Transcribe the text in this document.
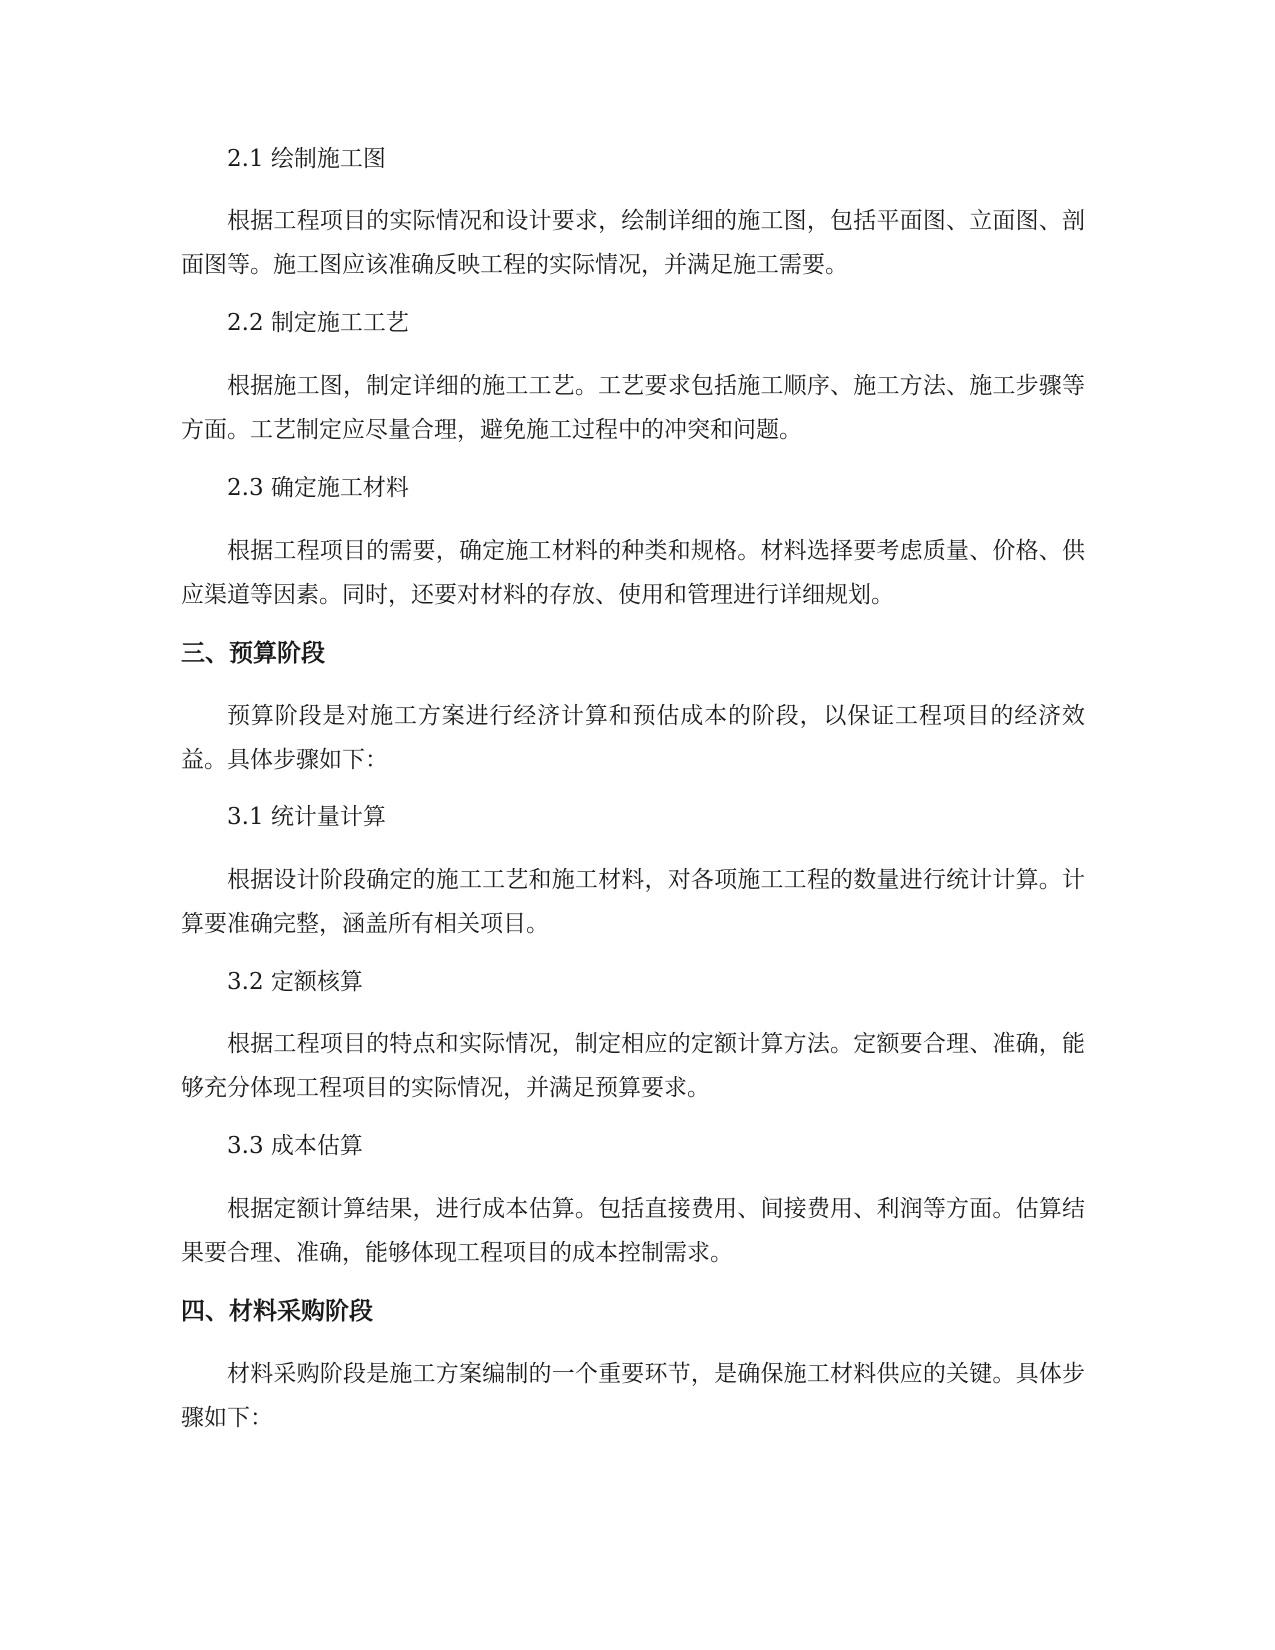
2.1 绘制施工图
根据工程项目的实际情况和设计要求，绘制详细的施工图，包括平面图、立面图、剖面图等。施工图应该准确反映工程的实际情况，并满足施工需要。
2.2 制定施工工艺
根据施工图，制定详细的施工工艺。工艺要求包括施工顺序、施工方法、施工步骤等方面。工艺制定应尽量合理，避免施工过程中的冲突和问题。
2.3 确定施工材料
根据工程项目的需要，确定施工材料的种类和规格。材料选择要考虑质量、价格、供应渠道等因素。同时，还要对材料的存放、使用和管理进行详细规划。
三、预算阶段
预算阶段是对施工方案进行经济计算和预估成本的阶段，以保证工程项目的经济效益。具体步骤如下：
3.1 统计量计算
根据设计阶段确定的施工工艺和施工材料，对各项施工工程的数量进行统计计算。计算要准确完整，涵盖所有相关项目。
3.2 定额核算
根据工程项目的特点和实际情况，制定相应的定额计算方法。定额要合理、准确，能够充分体现工程项目的实际情况，并满足预算要求。
3.3 成本估算
根据定额计算结果，进行成本估算。包括直接费用、间接费用、利润等方面。估算结果要合理、准确，能够体现工程项目的成本控制需求。
四、材料采购阶段
材料采购阶段是施工方案编制的一个重要环节，是确保施工材料供应的关键。具体步骤如下：
